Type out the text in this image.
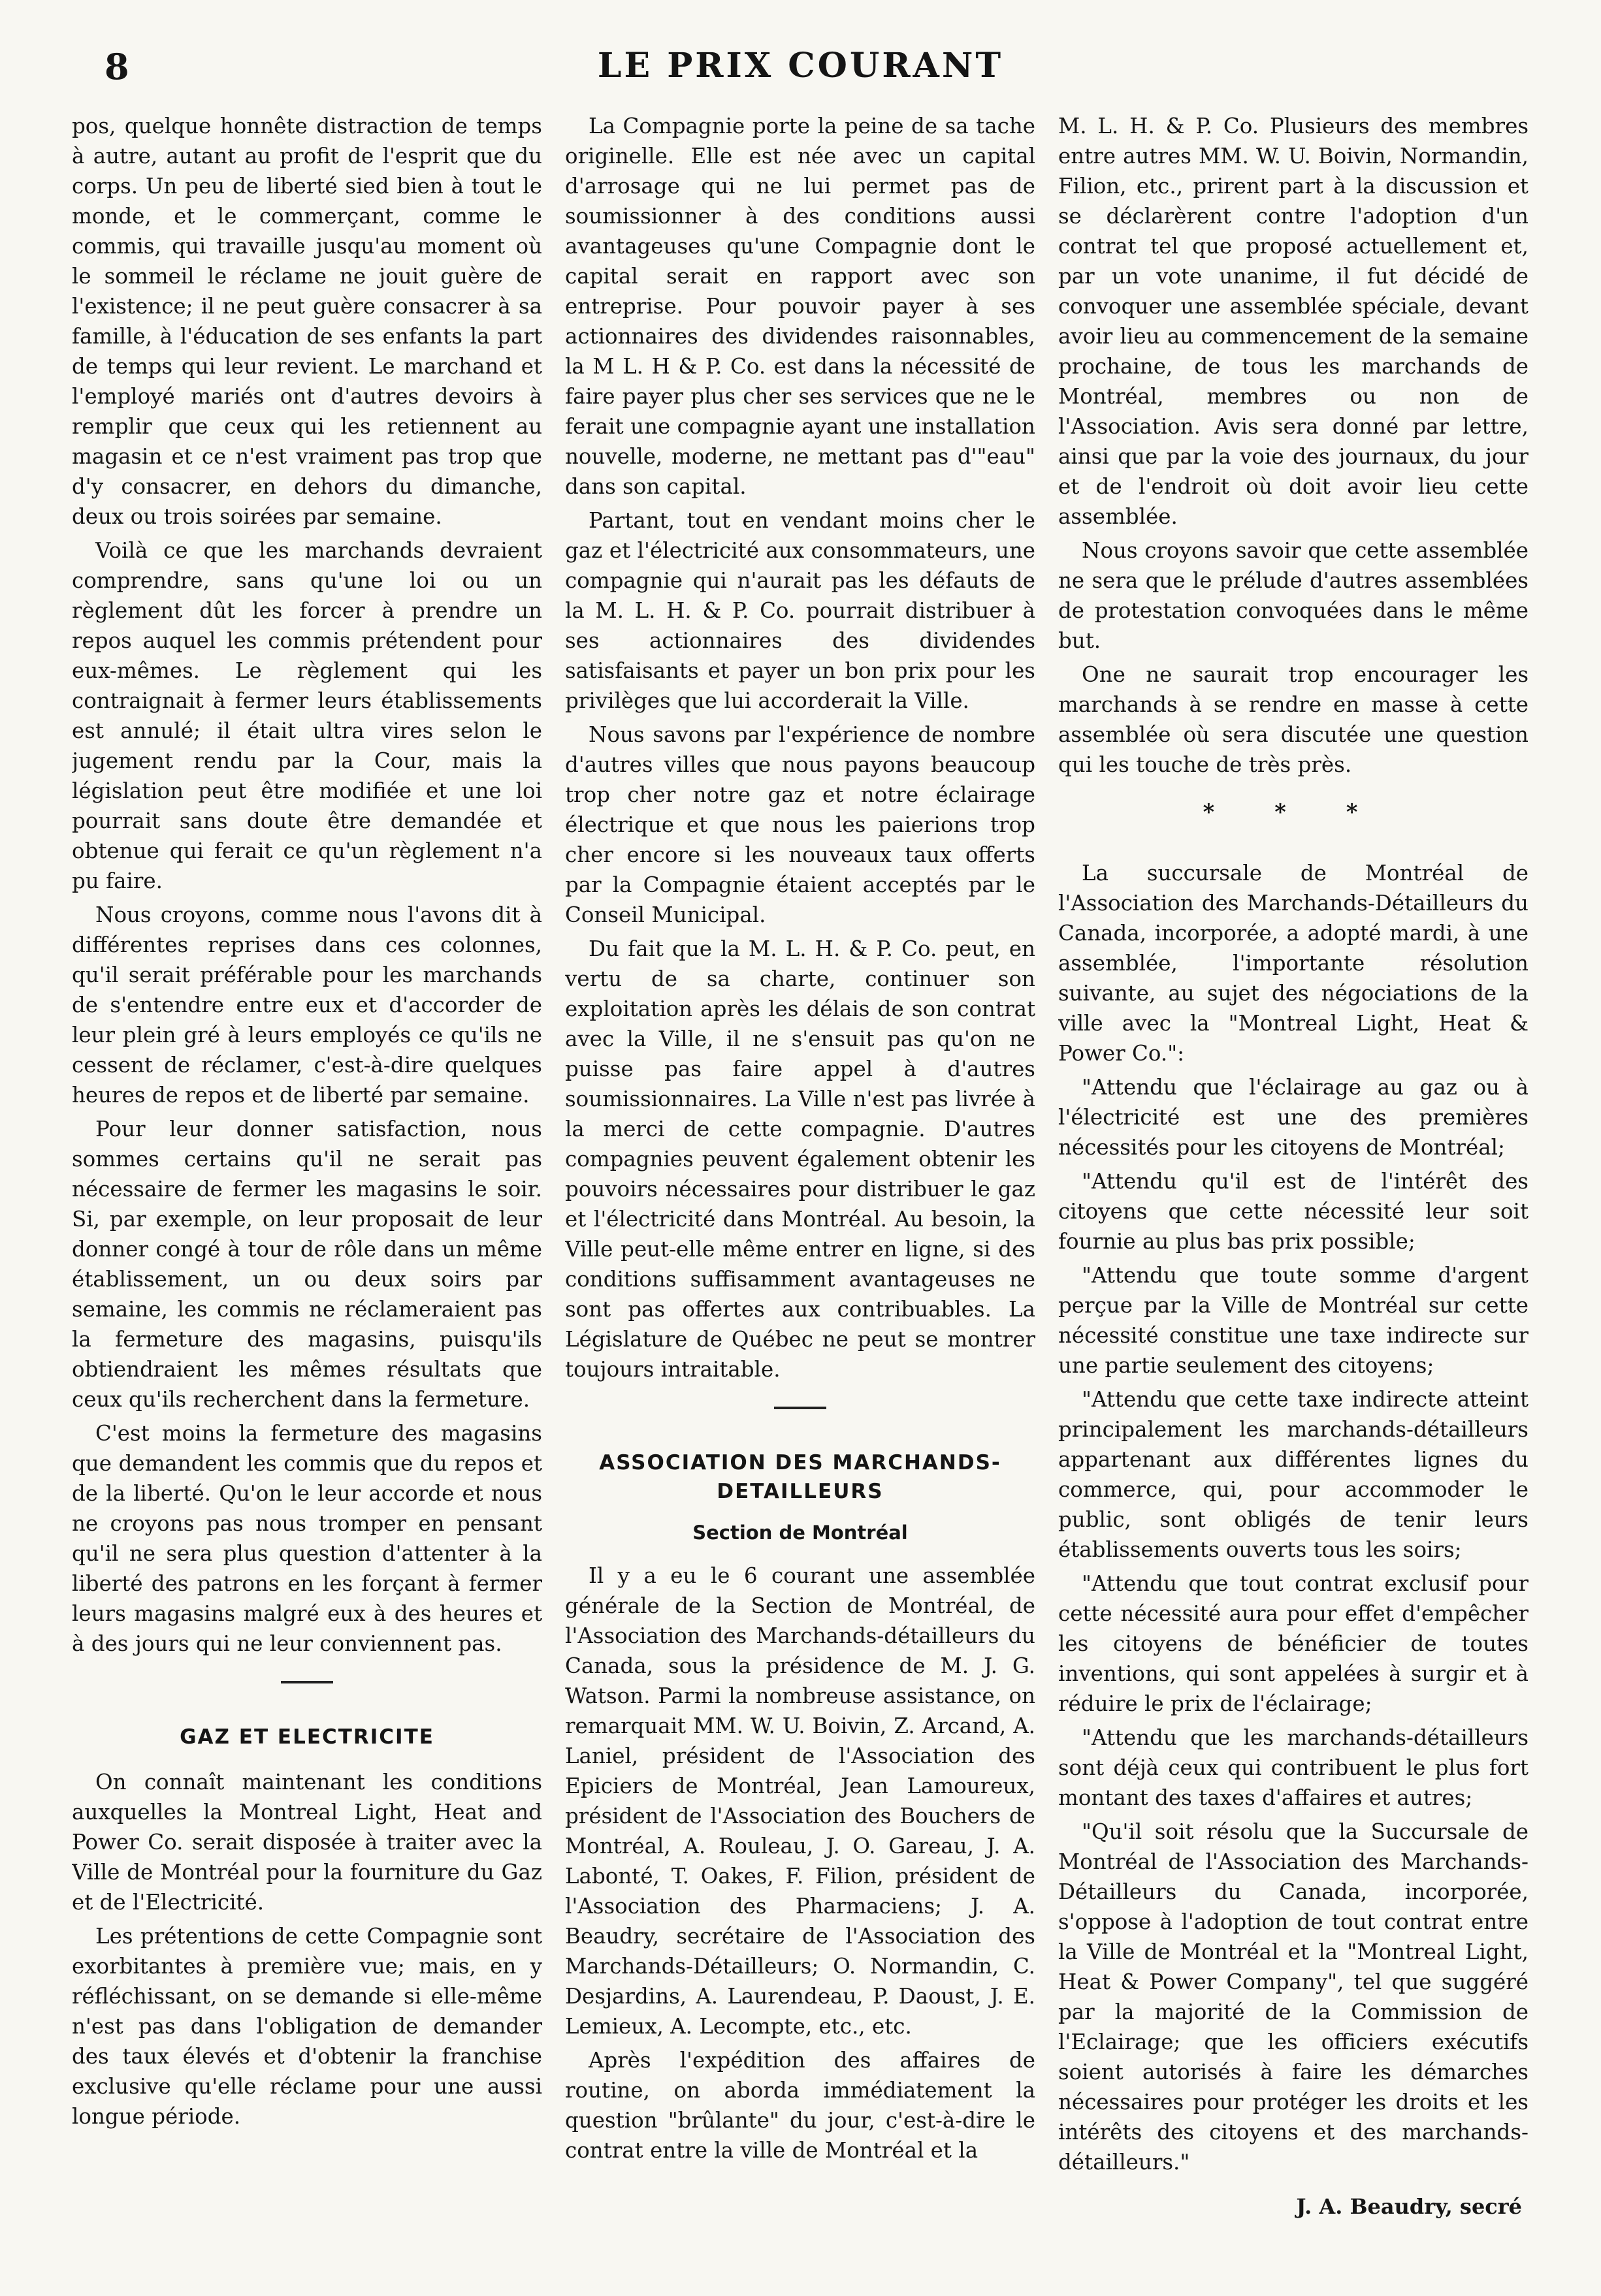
8	LE PRIX COURANT

pos, quelque honnête distraction de temps à autre, autant au profit de l'esprit que du corps. Un peu de liberté sied bien à tout le monde, et le commerçant, comme le commis, qui travaille jusqu'au moment où le sommeil le réclame ne jouit guère de l'existence; il ne peut guère consacrer à sa famille, à l'éducation de ses enfants la part de temps qui leur revient. Le marchand et l'employé mariés ont d'autres devoirs à remplir que ceux qui les retiennent au magasin et ce n'est vraiment pas trop que d'y consacrer, en dehors du dimanche, deux ou trois soirées par semaine.

Voilà ce que les marchands devraient comprendre, sans qu'une loi ou un règlement dût les forcer à prendre un repos auquel les commis prétendent pour eux-mêmes. Le règlement qui les contraignait à fermer leurs établissements est annulé; il était ultra vires selon le jugement rendu par la Cour, mais la législation peut être modifiée et une loi pourrait sans doute être demandée et obtenue qui ferait ce qu'un règlement n'a pu faire.

Nous croyons, comme nous l'avons dit à différentes reprises dans ces colonnes, qu'il serait préférable pour les marchands de s'entendre entre eux et d'accorder de leur plein gré à leurs employés ce qu'ils ne cessent de réclamer, c'est-à-dire quelques heures de repos et de liberté par semaine.

Pour leur donner satisfaction, nous sommes certains qu'il ne serait pas nécessaire de fermer les magasins le soir. Si, par exemple, on leur proposait de leur donner congé à tour de rôle dans un même établissement, un ou deux soirs par semaine, les commis ne réclameraient pas la fermeture des magasins, puisqu'ils obtiendraient les mêmes résultats que ceux qu'ils recherchent dans la fermeture.

C'est moins la fermeture des magasins que demandent les commis que du repos et de la liberté. Qu'on le leur accorde et nous ne croyons pas nous tromper en pensant qu'il ne sera plus question d'attenter à la liberté des patrons en les forçant à fermer leurs magasins malgré eux à des heures et à des jours qui ne leur conviennent pas.

GAZ ET ELECTRICITE

On connaît maintenant les conditions auxquelles la Montreal Light, Heat and Power Co. serait disposée à traiter avec la Ville de Montréal pour la fourniture du Gaz et de l'Electricité.

Les prétentions de cette Compagnie sont exorbitantes à première vue; mais, en y réfléchissant, on se demande si elle-même n'est pas dans l'obligation de demander des taux élevés et d'obtenir la franchise exclusive qu'elle réclame pour une aussi longue période.

La Compagnie porte la peine de sa tache originelle. Elle est née avec un capital d'arrosage qui ne lui permet pas de soumissionner à des conditions aussi avantageuses qu'une Compagnie dont le capital serait en rapport avec son entreprise. Pour pouvoir payer à ses actionnaires des dividendes raisonnables, la M L. H & P. Co. est dans la nécessité de faire payer plus cher ses services que ne le ferait une compagnie ayant une installation nouvelle, moderne, ne mettant pas d'"eau" dans son capital.

Partant, tout en vendant moins cher le gaz et l'électricité aux consommateurs, une compagnie qui n'aurait pas les défauts de la M. L. H. & P. Co. pourrait distribuer à ses actionnaires des dividendes satisfaisants et payer un bon prix pour les privilèges que lui accorderait la Ville.

Nous savons par l'expérience de nombre d'autres villes que nous payons beaucoup trop cher notre gaz et notre éclairage électrique et que nous les paierions trop cher encore si les nouveaux taux offerts par la Compagnie étaient acceptés par le Conseil Municipal.

Du fait que la M. L. H. & P. Co. peut, en vertu de sa charte, continuer son exploitation après les délais de son contrat avec la Ville, il ne s'ensuit pas qu'on ne puisse pas faire appel à d'autres soumissionnaires. La Ville n'est pas livrée à la merci de cette compagnie. D'autres compagnies peuvent également obtenir les pouvoirs nécessaires pour distribuer le gaz et l'électricité dans Montréal. Au besoin, la Ville peut-elle même entrer en ligne, si des conditions suffisamment avantageuses ne sont pas offertes aux contribuables. La Législature de Québec ne peut se montrer toujours intraitable.

ASSOCIATION DES MARCHANDS-DETAILLEURS
Section de Montréal

Il y a eu le 6 courant une assemblée générale de la Section de Montréal, de l'Association des Marchands-détailleurs du Canada, sous la présidence de M. J. G. Watson. Parmi la nombreuse assistance, on remarquait MM. W. U. Boivin, Z. Arcand, A. Laniel, président de l'Association des Epiciers de Montréal, Jean Lamoureux, président de l'Association des Bouchers de Montréal, A. Rouleau, J. O. Gareau, J. A. Labonté, T. Oakes, F. Filion, président de l'Association des Pharmaciens; J. A. Beaudry, secrétaire de l'Association des Marchands-Détailleurs; O. Normandin, C. Desjardins, A. Laurendeau, P. Daoust, J. E. Lemieux, A. Lecompte, etc., etc.

Après l'expédition des affaires de routine, on aborda immédiatement la question "brûlante" du jour, c'est-à-dire le contrat entre la ville de Montréal et la

M. L. H. & P. Co. Plusieurs des membres entre autres MM. W. U. Boivin, Normandin, Filion, etc., prirent part à la discussion et se déclarèrent contre l'adoption d'un contrat tel que proposé actuellement et, par un vote unanime, il fut décidé de convoquer une assemblée spéciale, devant avoir lieu au commencement de la semaine prochaine, de tous les marchands de Montréal, membres ou non de l'Association. Avis sera donné par lettre, ainsi que par la voie des journaux, du jour et de l'endroit où doit avoir lieu cette assemblée.

Nous croyons savoir que cette assemblée ne sera que le prélude d'autres assemblées de protestation convoquées dans le même but.

One ne saurait trop encourager les marchands à se rendre en masse à cette assemblée où sera discutée une question qui les touche de très près.

* * *

La succursale de Montréal de l'Association des Marchands-Détailleurs du Canada, incorporée, a adopté mardi, à une assemblée, l'importante résolution suivante, au sujet des négociations de la ville avec la "Montreal Light, Heat & Power Co.":

"Attendu que l'éclairage au gaz ou à l'électricité est une des premières nécessités pour les citoyens de Montréal;

"Attendu qu'il est de l'intérêt des citoyens que cette nécessité leur soit fournie au plus bas prix possible;

"Attendu que toute somme d'argent perçue par la Ville de Montréal sur cette nécessité constitue une taxe indirecte sur une partie seulement des citoyens;

"Attendu que cette taxe indirecte atteint principalement les marchands-détailleurs appartenant aux différentes lignes du commerce, qui, pour accommoder le public, sont obligés de tenir leurs établissements ouverts tous les soirs;

"Attendu que tout contrat exclusif pour cette nécessité aura pour effet d'empêcher les citoyens de bénéficier de toutes inventions, qui sont appelées à surgir et à réduire le prix de l'éclairage;

"Attendu que les marchands-détailleurs sont déjà ceux qui contribuent le plus fort montant des taxes d'affaires et autres;

"Qu'il soit résolu que la Succursale de Montréal de l'Association des Marchands-Détailleurs du Canada, incorporée, s'oppose à l'adoption de tout contrat entre la Ville de Montréal et la "Montreal Light, Heat & Power Company", tel que suggéré par la majorité de la Commission de l'Eclairage; que les officiers exécutifs soient autorisés à faire les démarches nécessaires pour protéger les droits et les intérêts des citoyens et des marchands-détailleurs."

J. A. Beaudry, secré
